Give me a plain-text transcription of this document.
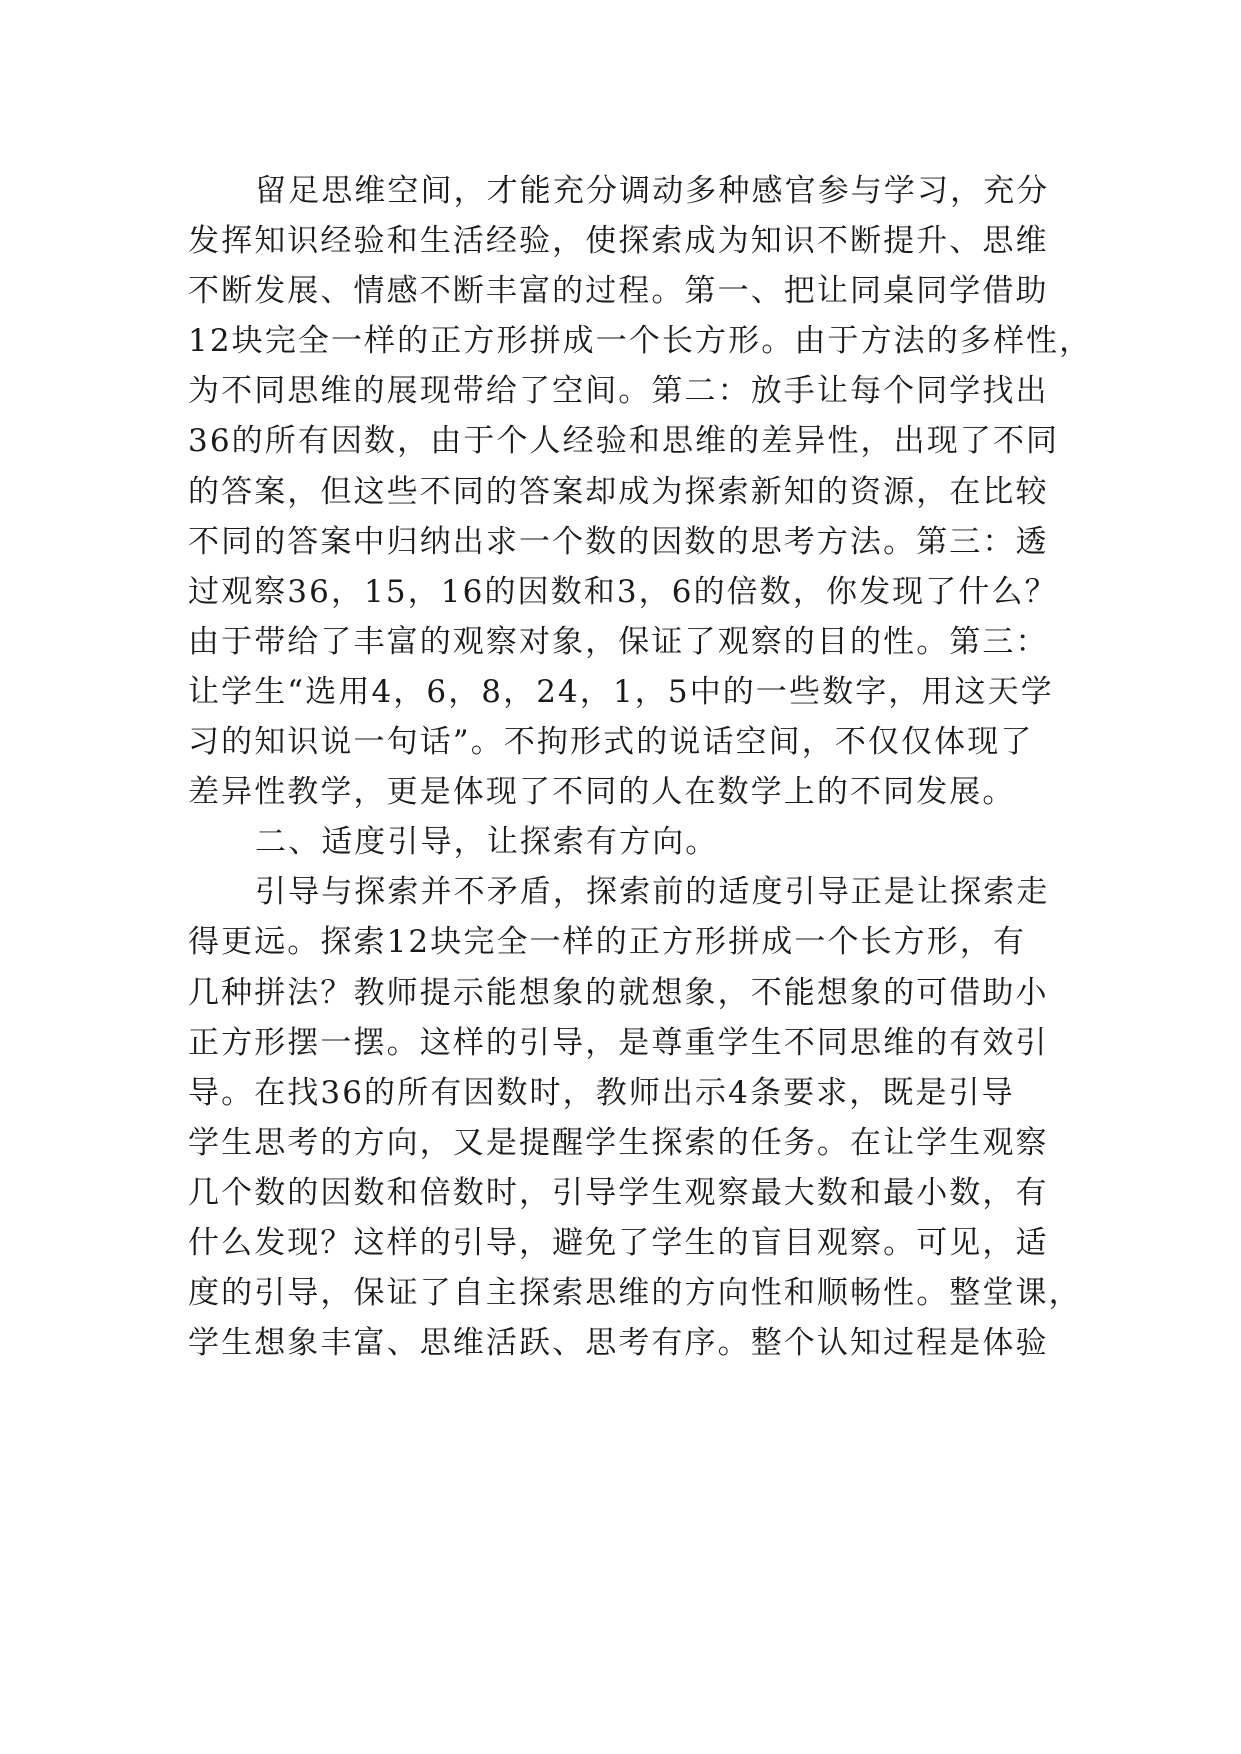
留足思维空间，才能充分调动多种感官参与学习，充分
发挥知识经验和生活经验，使探索成为知识不断提升、思维
不断发展、情感不断丰富的过程。第一、把让同桌同学借助
12块完全一样的正方形拼成一个长方形。由于方法的多样性，
为不同思维的展现带给了空间。第二：放手让每个同学找出
36的所有因数，由于个人经验和思维的差异性，出现了不同
的答案，但这些不同的答案却成为探索新知的资源，在比较
不同的答案中归纳出求一个数的因数的思考方法。第三：透
过观察36，15，16的因数和3，6的倍数，你发现了什么？
由于带给了丰富的观察对象，保证了观察的目的性。第三：
让学生“选用4，6，8，24，1，5中的一些数字，用这天学
习的知识说一句话”。不拘形式的说话空间，不仅仅体现了
差异性教学，更是体现了不同的人在数学上的不同发展。
二、适度引导，让探索有方向。
引导与探索并不矛盾，探索前的适度引导正是让探索走
得更远。探索12块完全一样的正方形拼成一个长方形，有
几种拼法？教师提示能想象的就想象，不能想象的可借助小
正方形摆一摆。这样的引导，是尊重学生不同思维的有效引
导。在找36的所有因数时，教师出示4条要求，既是引导
学生思考的方向，又是提醒学生探索的任务。在让学生观察
几个数的因数和倍数时，引导学生观察最大数和最小数，有
什么发现？这样的引导，避免了学生的盲目观察。可见，适
度的引导，保证了自主探索思维的方向性和顺畅性。整堂课，
学生想象丰富、思维活跃、思考有序。整个认知过程是体验
